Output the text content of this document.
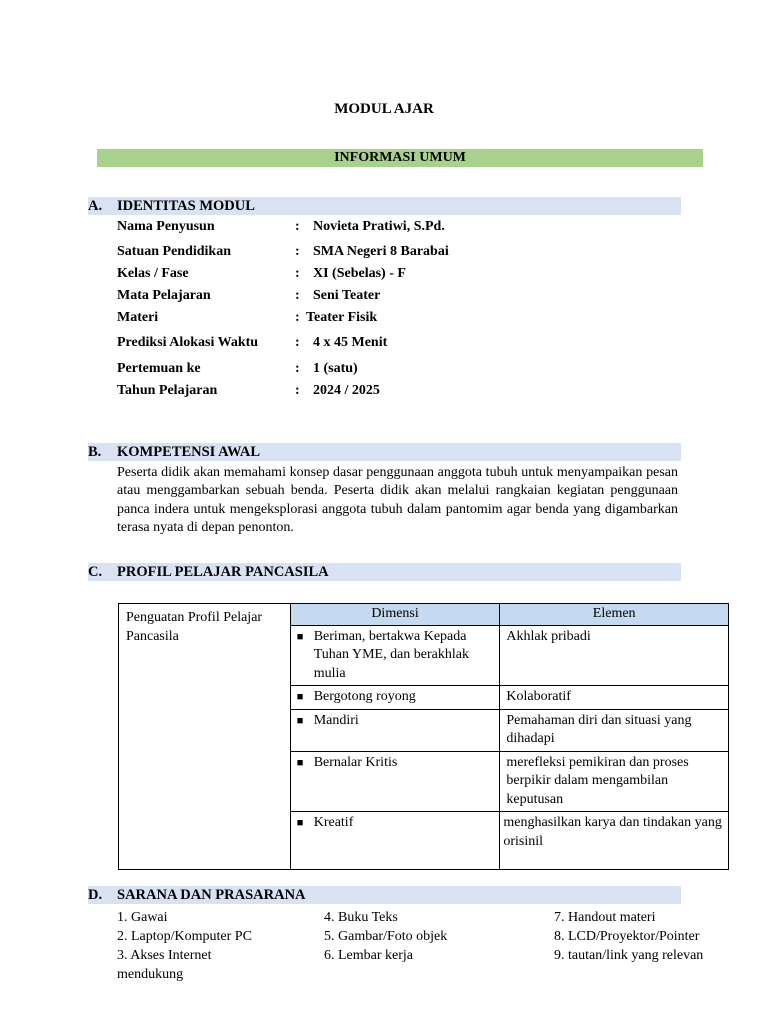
MODUL AJAR
INFORMASI UMUM
A. IDENTITAS MODUL
Nama Penyusun	: Novieta Pratiwi, S.Pd.
Satuan Pendidikan	: SMA Negeri 8 Barabai
Kelas / Fase	: XI (Sebelas) - F
Mata Pelajaran	: Seni Teater
Materi	: Teater Fisik
Prediksi Alokasi Waktu	: 4 x 45 Menit
Pertemuan ke	: 1 (satu)
Tahun Pelajaran	: 2024 / 2025
B. KOMPETENSI AWAL
Peserta didik akan memahami konsep dasar penggunaan anggota tubuh untuk menyampaikan pesan atau menggambarkan sebuah benda. Peserta didik akan melalui rangkaian kegiatan penggunaan panca indera untuk mengeksplorasi anggota tubuh dalam pantomim agar benda yang digambarkan terasa nyata di depan penonton.
C. PROFIL PELAJAR PANCASILA
Penguatan Profil Pelajar Pancasila	Dimensi	Elemen

	■ Beriman, bertakwa Kepada Tuhan YME, dan berakhlak mulia	Akhlak pribadi

	■ Bergotong royong	Kolaboratif

	■ Mandiri	Pemahaman diri dan situasi yang dihadapi

	■ Bernalar Kritis	merefleksi pemikiran dan proses berpikir dalam mengambilan keputusan

	■ Kreatif	menghasilkan karya dan tindakan yang orisinil
D. SARANA DAN PRASARANA
1. Gawai
2. Laptop/Komputer PC
3. Akses Internet
mendukung
4. Buku Teks
5. Gambar/Foto objek
6. Lembar kerja
7. Handout materi
8. LCD/Proyektor/Pointer
9. tautan/link yang relevan
